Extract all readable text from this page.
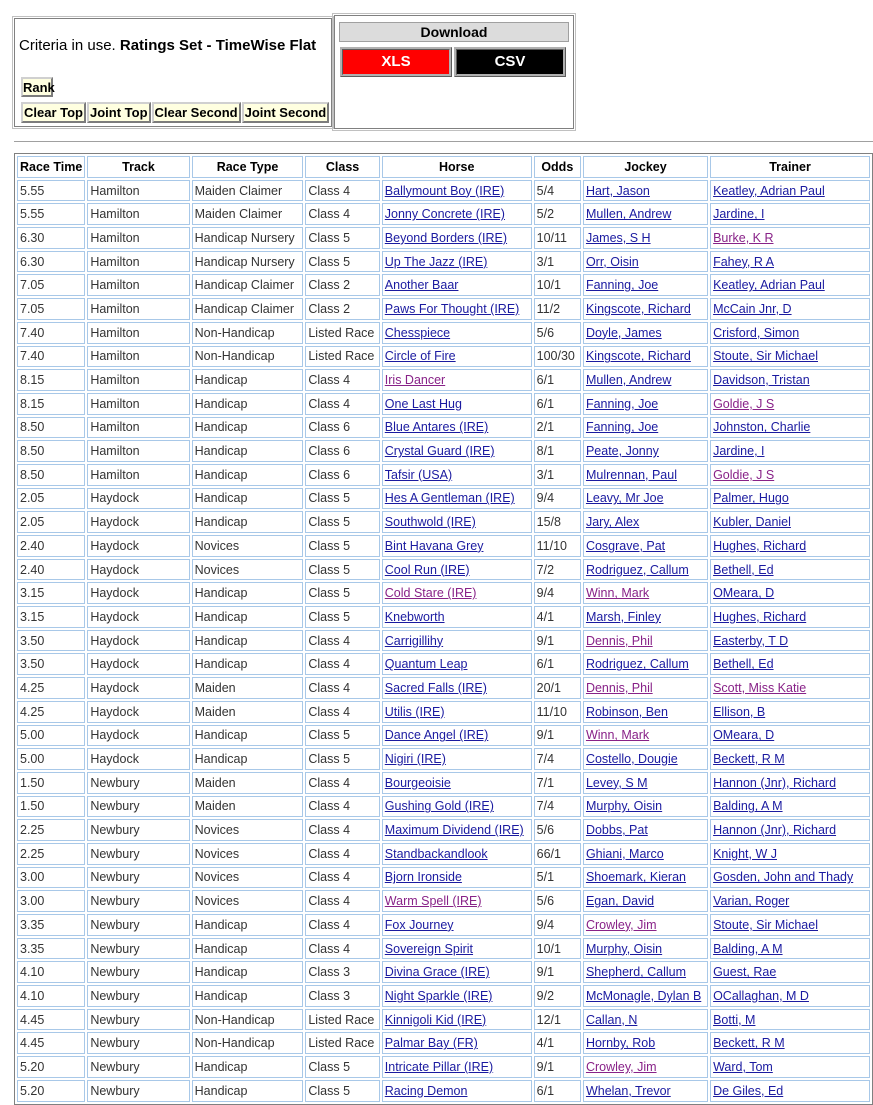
Criteria in use. Ratings Set - TimeWise Flat
Rank
Clear Top Joint Top Clear Second Joint Second
Download
XLS	CSV
Race Time	Track	Race Type	Class	Horse	Odds	Jockey	Trainer
5.55	Hamilton	Maiden Claimer	Class 4	Ballymount Boy (IRE)	5/4	Hart, Jason	Keatley, Adrian Paul
5.55	Hamilton	Maiden Claimer	Class 4	Jonny Concrete (IRE)	5/2	Mullen, Andrew	Jardine, I
6.30	Hamilton	Handicap Nursery	Class 5	Beyond Borders (IRE)	10/11	James, S H	Burke, K R
6.30	Hamilton	Handicap Nursery	Class 5	Up The Jazz (IRE)	3/1	Orr, Oisin	Fahey, R A
7.05	Hamilton	Handicap Claimer	Class 2	Another Baar	10/1	Fanning, Joe	Keatley, Adrian Paul
7.05	Hamilton	Handicap Claimer	Class 2	Paws For Thought (IRE)	11/2	Kingscote, Richard	McCain Jnr, D
7.40	Hamilton	Non-Handicap	Listed Race	Chesspiece	5/6	Doyle, James	Crisford, Simon
7.40	Hamilton	Non-Handicap	Listed Race	Circle of Fire	100/30	Kingscote, Richard	Stoute, Sir Michael
8.15	Hamilton	Handicap	Class 4	Iris Dancer	6/1	Mullen, Andrew	Davidson, Tristan
8.15	Hamilton	Handicap	Class 4	One Last Hug	6/1	Fanning, Joe	Goldie, J S
8.50	Hamilton	Handicap	Class 6	Blue Antares (IRE)	2/1	Fanning, Joe	Johnston, Charlie
8.50	Hamilton	Handicap	Class 6	Crystal Guard (IRE)	8/1	Peate, Jonny	Jardine, I
8.50	Hamilton	Handicap	Class 6	Tafsir (USA)	3/1	Mulrennan, Paul	Goldie, J S
2.05	Haydock	Handicap	Class 5	Hes A Gentleman (IRE)	9/4	Leavy, Mr Joe	Palmer, Hugo
2.05	Haydock	Handicap	Class 5	Southwold (IRE)	15/8	Jary, Alex	Kubler, Daniel
2.40	Haydock	Novices	Class 5	Bint Havana Grey	11/10	Cosgrave, Pat	Hughes, Richard
2.40	Haydock	Novices	Class 5	Cool Run (IRE)	7/2	Rodriguez, Callum	Bethell, Ed
3.15	Haydock	Handicap	Class 5	Cold Stare (IRE)	9/4	Winn, Mark	OMeara, D
3.15	Haydock	Handicap	Class 5	Knebworth	4/1	Marsh, Finley	Hughes, Richard
3.50	Haydock	Handicap	Class 4	Carrigillihy	9/1	Dennis, Phil	Easterby, T D
3.50	Haydock	Handicap	Class 4	Quantum Leap	6/1	Rodriguez, Callum	Bethell, Ed
4.25	Haydock	Maiden	Class 4	Sacred Falls (IRE)	20/1	Dennis, Phil	Scott, Miss Katie
4.25	Haydock	Maiden	Class 4	Utilis (IRE)	11/10	Robinson, Ben	Ellison, B
5.00	Haydock	Handicap	Class 5	Dance Angel (IRE)	9/1	Winn, Mark	OMeara, D
5.00	Haydock	Handicap	Class 5	Nigiri (IRE)	7/4	Costello, Dougie	Beckett, R M
1.50	Newbury	Maiden	Class 4	Bourgeoisie	7/1	Levey, S M	Hannon (Jnr), Richard
1.50	Newbury	Maiden	Class 4	Gushing Gold (IRE)	7/4	Murphy, Oisin	Balding, A M
2.25	Newbury	Novices	Class 4	Maximum Dividend (IRE)	5/6	Dobbs, Pat	Hannon (Jnr), Richard
2.25	Newbury	Novices	Class 4	Standbackandlook	66/1	Ghiani, Marco	Knight, W J
3.00	Newbury	Novices	Class 4	Bjorn Ironside	5/1	Shoemark, Kieran	Gosden, John and Thady
3.00	Newbury	Novices	Class 4	Warm Spell (IRE)	5/6	Egan, David	Varian, Roger
3.35	Newbury	Handicap	Class 4	Fox Journey	9/4	Crowley, Jim	Stoute, Sir Michael
3.35	Newbury	Handicap	Class 4	Sovereign Spirit	10/1	Murphy, Oisin	Balding, A M
4.10	Newbury	Handicap	Class 3	Divina Grace (IRE)	9/1	Shepherd, Callum	Guest, Rae
4.10	Newbury	Handicap	Class 3	Night Sparkle (IRE)	9/2	McMonagle, Dylan B	OCallaghan, M D
4.45	Newbury	Non-Handicap	Listed Race	Kinnigoli Kid (IRE)	12/1	Callan, N	Botti, M
4.45	Newbury	Non-Handicap	Listed Race	Palmar Bay (FR)	4/1	Hornby, Rob	Beckett, R M
5.20	Newbury	Handicap	Class 5	Intricate Pillar (IRE)	9/1	Crowley, Jim	Ward, Tom
5.20	Newbury	Handicap	Class 5	Racing Demon	6/1	Whelan, Trevor	De Giles, Ed
